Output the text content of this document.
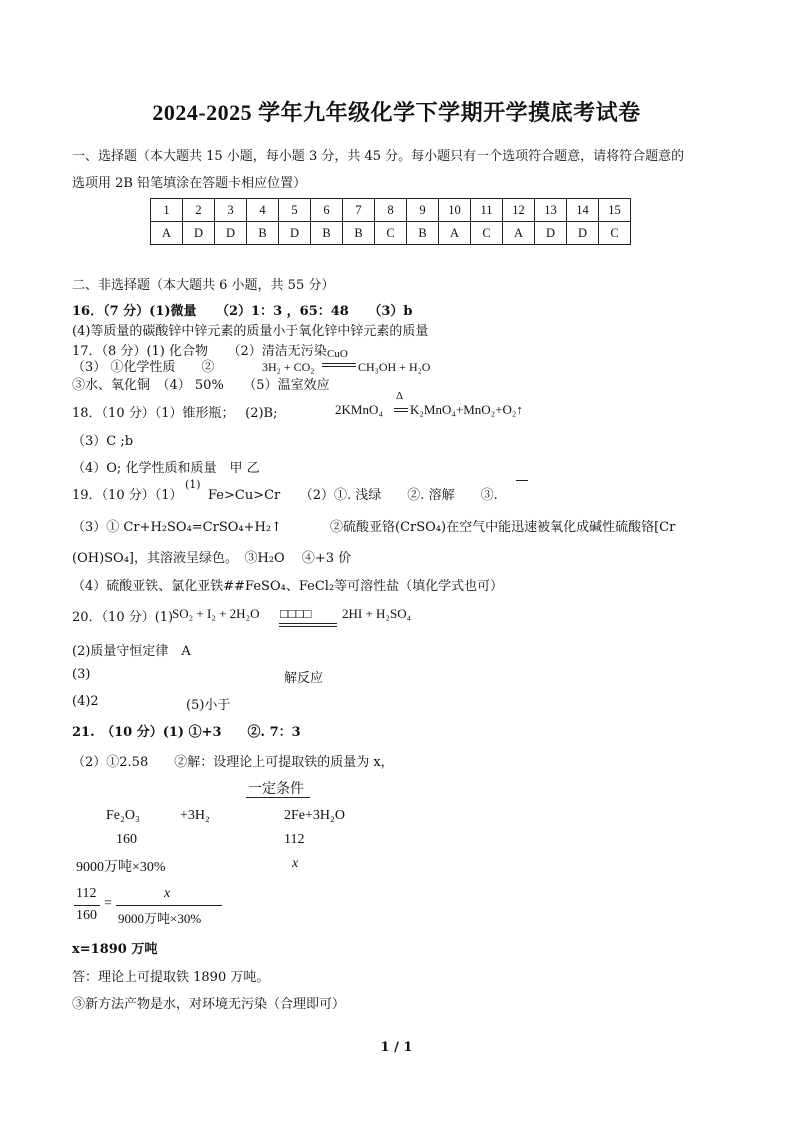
2024-2025 学年九年级化学下学期开学摸底考试卷
一、选择题（本大题共 15 小题，每小题 3 分，共 45 分。每小题只有一个选项符合题意，请将符合题意的
选项用 2B 铅笔填涂在答题卡相应位置）
1	2	3	4	5	6	7	8	9	10	11	12	13	14	15
A	D	D	B	D	B	B	C	B	A	C	A	D	D	C
二、非选择题（本大题共 6 小题，共 55 分）
16．（7 分）(1)微量　　（2）1：3 ，65：48　　（3）b
(4)等质量的碳酸锌中锌元素的质量小于氧化锌中锌元素的质量
17．（8 分）(1) 化合物　　（2）清洁无污染
（3） ①化学性质　　②	3H₂ + CO₂
CuO
CH₃OH + H₂O
③水、氧化铜　（4） 50%　　（5）温室效应
18．（10 分）（1）锥形瓶；　 (2)B;	2KMnO₄
Δ
K₂MnO₄+MnO₂+O₂↑
（3）C ;b
（4）O; 化学性质和质量　甲 乙
19．（10 分）（1）
(1)
Fe>Cu>Cr　　（2）①. 浅绿　　②. 溶解　　③.
（3）① Cr+H₂SO₄=CrSO₄+H₂↑	②硫酸亚铬(CrSO₄)在空气中能迅速被氧化成碱性硫酸铬[Cr
(OH)SO₄]，其溶液呈绿色。　③H₂O　 ④+3 价
（4）硫酸亚铁、氯化亚铁##FeSO₄、FeCl₂等可溶性盐（填化学式也可）
20．（10 分）(1)
SO₂ + I₂ + 2H₂O □□□□ 2HI + H₂SO₄
(2)质量守恒定律　A
(3)	解反应
(4)2	(5)小于
21.　（10 分）(1) ①+3　　②. 7：3
（2）①2.58　　②解：设理论上可提取铁的质量为 x，
一定条件
Fe₂O₃	+3H₂	2Fe+3H₂O
160	112
9000万吨×30%	x
112
160
=
x
9000万吨×30%
x=1890 万吨
答：理论上可提取铁 1890 万吨。
③新方法产物是水，对环境无污染（合理即可）
1 / 1
